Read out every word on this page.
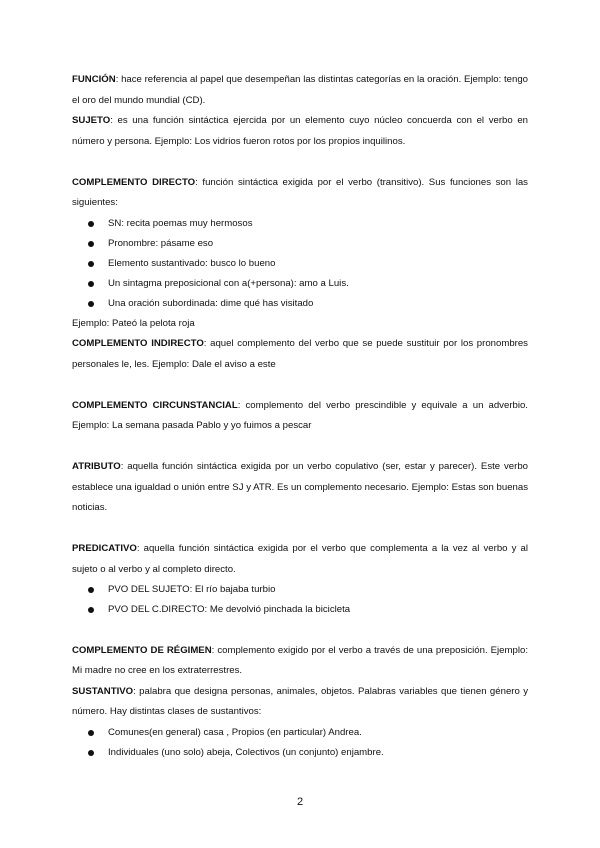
FUNCIÓN: hace referencia al papel que desempeñan las distintas categorías en la oración. Ejemplo: tengo el oro del mundo mundial (CD).

SUJETO: es una función sintáctica ejercida por un elemento cuyo núcleo concuerda con el verbo en número y persona. Ejemplo: Los vidrios fueron rotos por los propios inquilinos.

COMPLEMENTO DIRECTO: función sintáctica exigida por el verbo (transitivo). Sus funciones son las siguientes:

SN: recita poemas muy hermosos
Pronombre: pásame eso
Elemento sustantivado: busco lo bueno
Un sintagma preposicional con a(+persona): amo a Luis.
Una oración subordinada: dime qué has visitado

Ejemplo: Pateó la pelota roja

COMPLEMENTO INDIRECTO: aquel complemento del verbo que se puede sustituir por los pronombres personales le, les. Ejemplo: Dale el aviso a este

COMPLEMENTO CIRCUNSTANCIAL: complemento del verbo prescindible y equivale a un adverbio. Ejemplo: La semana pasada Pablo y yo fuimos a pescar

ATRIBUTO: aquella función sintáctica exigida por un verbo copulativo (ser, estar y parecer). Este verbo establece una igualdad o unión entre SJ y ATR. Es un complemento necesario. Ejemplo: Estas son buenas noticias.

PREDICATIVO: aquella función sintáctica exigida por el verbo que complementa a la vez al verbo y al sujeto o al verbo y al completo directo.

PVO DEL SUJETO: El río bajaba turbio
PVO DEL C.DIRECTO: Me devolvió pinchada la bicicleta

COMPLEMENTO DE RÉGIMEN: complemento exigido por el verbo a través de una preposición. Ejemplo: Mi madre no cree en los extraterrestres.

SUSTANTIVO: palabra que designa personas, animales, objetos. Palabras variables que tienen género y número. Hay distintas clases de sustantivos:

Comunes(en general) casa , Propios (en particular) Andrea.
Individuales (uno solo) abeja, Colectivos (un conjunto) enjambre.
2
